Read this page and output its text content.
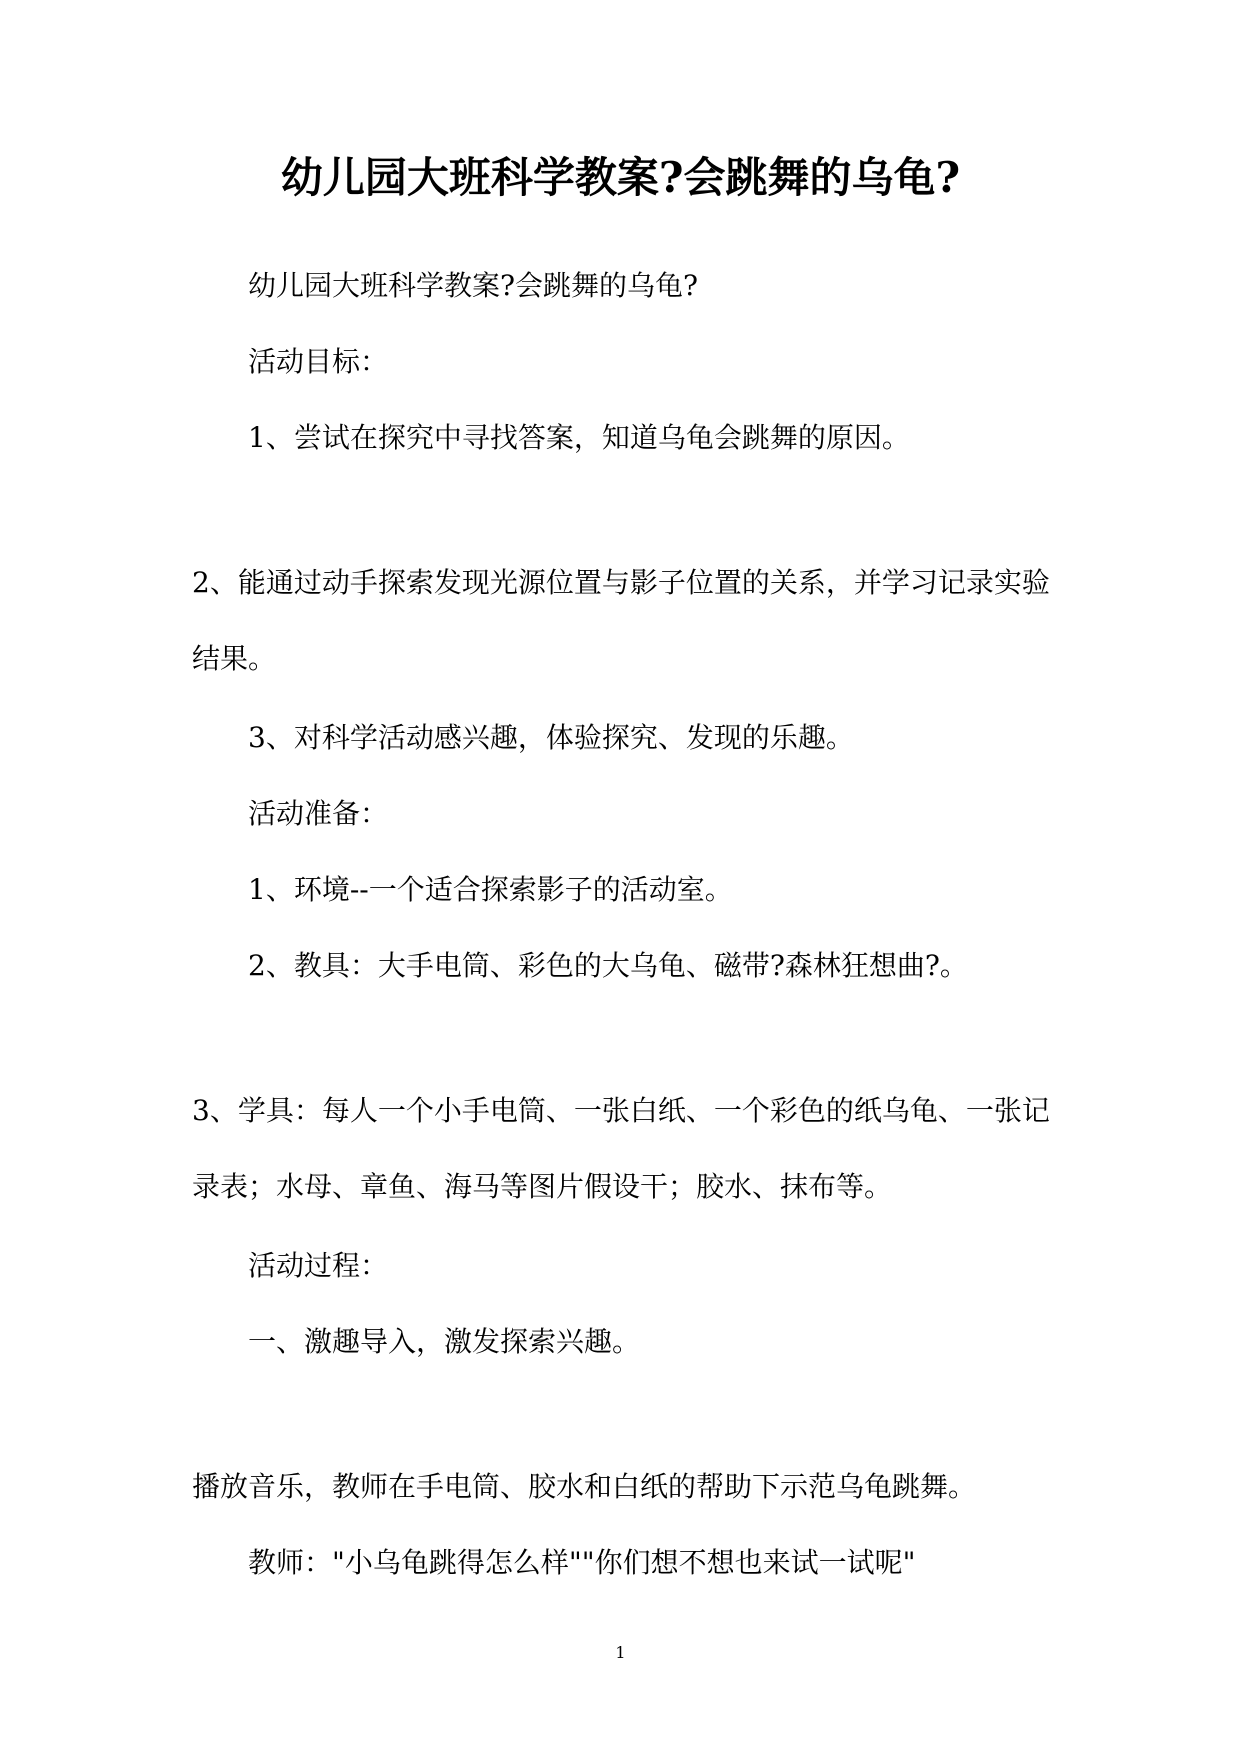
幼儿园大班科学教案?会跳舞的乌龟?

幼儿园大班科学教案?会跳舞的乌龟?

活动目标：

1、尝试在探究中寻找答案，知道乌龟会跳舞的原因。

2、能通过动手探索发现光源位置与影子位置的关系，并学习记录实验结果。

3、对科学活动感兴趣，体验探究、发现的乐趣。

活动准备：

1、环境--一个适合探索影子的活动室。

2、教具：大手电筒、彩色的大乌龟、磁带?森林狂想曲?。

3、学具：每人一个小手电筒、一张白纸、一个彩色的纸乌龟、一张记录表；水母、章鱼、海马等图片假设干；胶水、抹布等。

活动过程：

一、激趣导入，激发探索兴趣。

播放音乐，教师在手电筒、胶水和白纸的帮助下示范乌龟跳舞。

教师："小乌龟跳得怎么样""你们想不想也来试一试呢"

1
